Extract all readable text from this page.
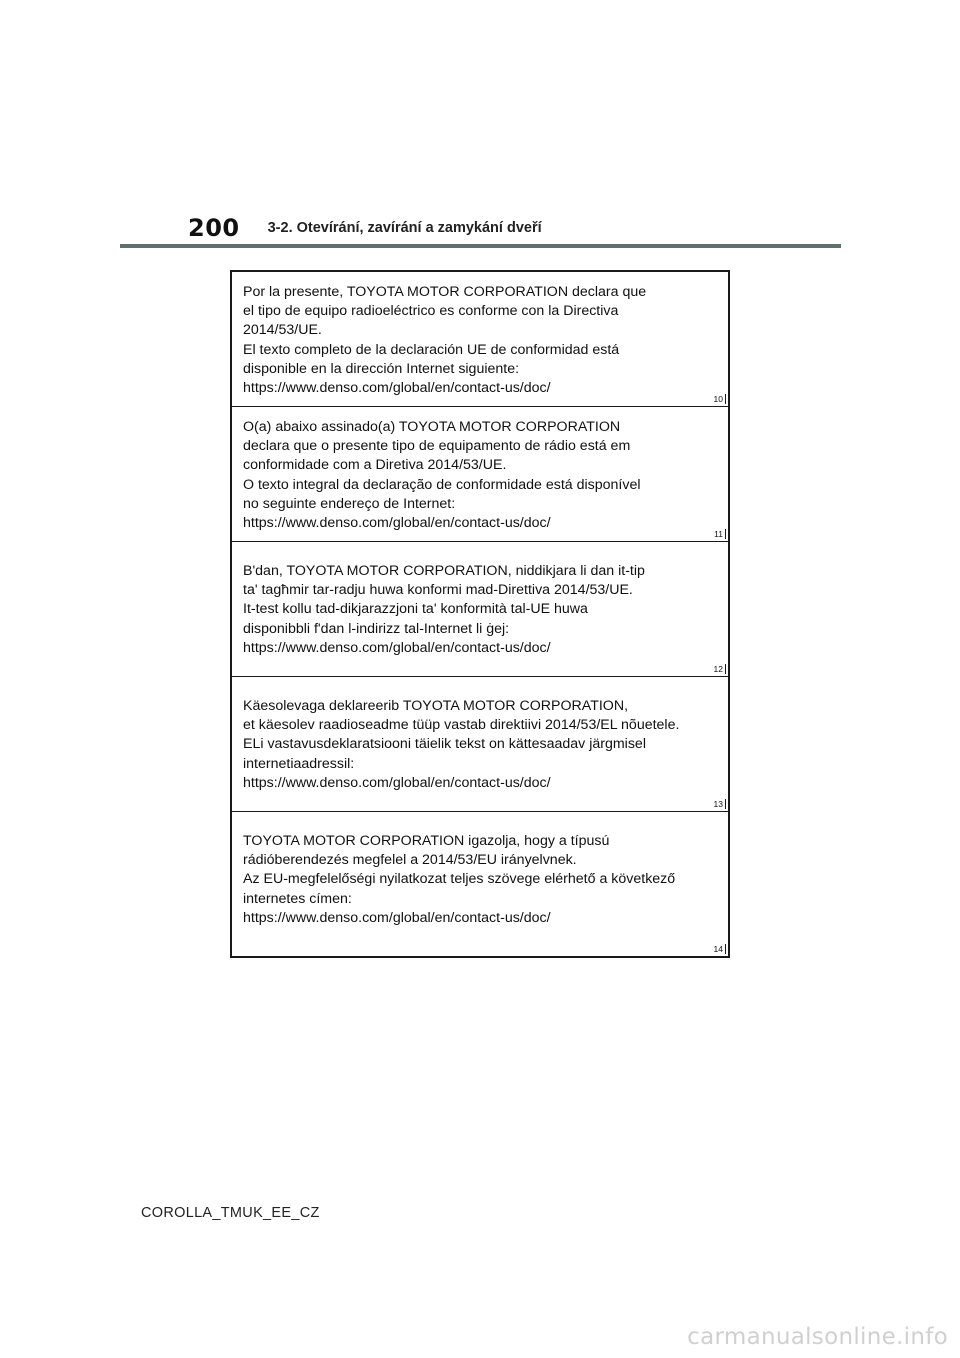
200 3-2. Otevírání, zavírání a zamykání dveří
Por la presente, TOYOTA MOTOR CORPORATION declara que
el tipo de equipo radioeléctrico es conforme con la Directiva
2014/53/UE.
El texto completo de la declaración UE de conformidad está
disponible en la dirección Internet siguiente:
https://www.denso.com/global/en/contact-us/doc/
10
O(a) abaixo assinado(a) TOYOTA MOTOR CORPORATION
declara que o presente tipo de equipamento de rádio está em
conformidade com a Diretiva 2014/53/UE.
O texto integral da declaração de conformidade está disponível
no seguinte endereço de Internet:
https://www.denso.com/global/en/contact-us/doc/
11
B'dan, TOYOTA MOTOR CORPORATION, niddikjara li dan it-tip
ta' tagħmir tar-radju huwa konformi mad-Direttiva 2014/53/UE.
It-test kollu tad-dikjarazzjoni ta' konformità tal-UE huwa
disponibbli f'dan l-indirizz tal-Internet li ġej:
https://www.denso.com/global/en/contact-us/doc/
12
Käesolevaga deklareerib TOYOTA MOTOR CORPORATION,
et käesolev raadioseadme tüüp vastab direktiivi 2014/53/EL nõuetele.
ELi vastavusdeklaratsiooni täielik tekst on kättesaadav järgmisel
internetiaadressil:
https://www.denso.com/global/en/contact-us/doc/
13
TOYOTA MOTOR CORPORATION igazolja, hogy a típusú
rádióberendezés megfelel a 2014/53/EU irányelvnek.
Az EU-megfelelőségi nyilatkozat teljes szövege elérhető a következő
internetes címen:
https://www.denso.com/global/en/contact-us/doc/
14
COROLLA_TMUK_EE_CZ
carmanualsonline.info
